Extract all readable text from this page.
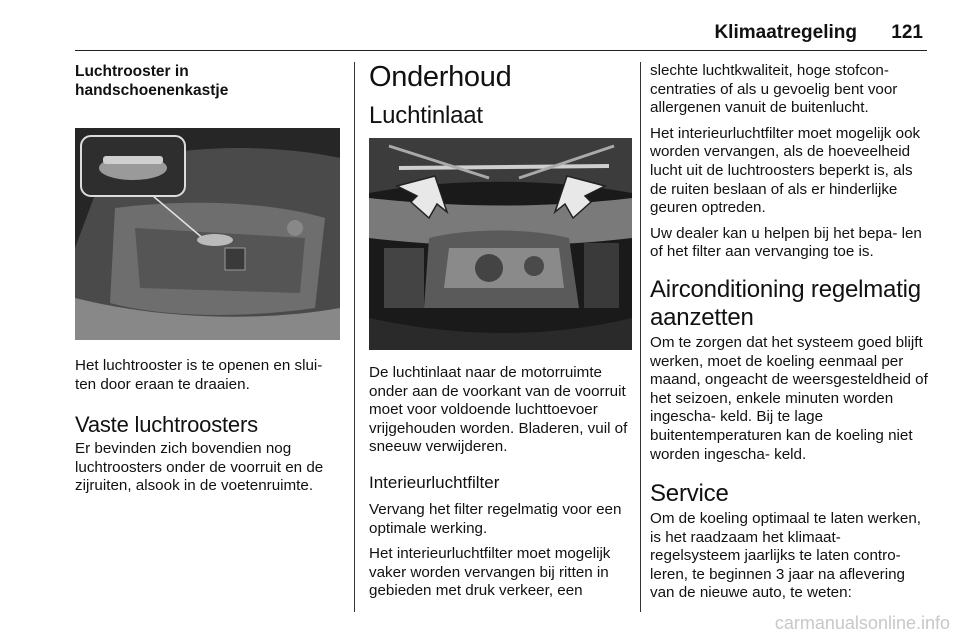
Klimaatregeling 121
Luchtrooster in handschoenenkastje

Het luchtrooster is te openen en slui- ten door eraan te draaien.

Vaste luchtroosters

Er bevinden zich bovendien nog luchtroosters onder de voorruit en de zijruiten, alsook in de voetenruimte.

Onderhoud
Luchtinlaat

De luchtinlaat naar de motorruimte onder aan de voorkant van de voorruit moet voor voldoende luchttoevoer vrijgehouden worden. Bladeren, vuil of sneeuw verwijderen.

Interieurluchtfilter

Vervang het filter regelmatig voor een optimale werking.

Het interieurluchtfilter moet mogelijk vaker worden vervangen bij ritten in gebieden met druk verkeer, een

slechte luchtkwaliteit, hoge stofcon- centraties of als u gevoelig bent voor allergenen vanuit de buitenlucht.

Het interieurluchtfilter moet mogelijk ook worden vervangen, als de hoeveelheid lucht uit de luchtroosters beperkt is, als de ruiten beslaan of als er hinderlijke geuren optreden.

Uw dealer kan u helpen bij het bepa- len of het filter aan vervanging toe is.

Airconditioning regelmatig aanzetten

Om te zorgen dat het systeem goed blijft werken, moet de koeling eenmaal per maand, ongeacht de weersgesteldheid of het seizoen, enkele minuten worden ingescha- keld. Bij te lage buitentemperaturen kan de koeling niet worden ingescha- keld.

Service

Om de koeling optimaal te laten werken, is het raadzaam het klimaat- regelsysteem jaarlijks te laten contro- leren, te beginnen 3 jaar na aflevering van de nieuwe auto, te weten:

carmanualsonline.info
